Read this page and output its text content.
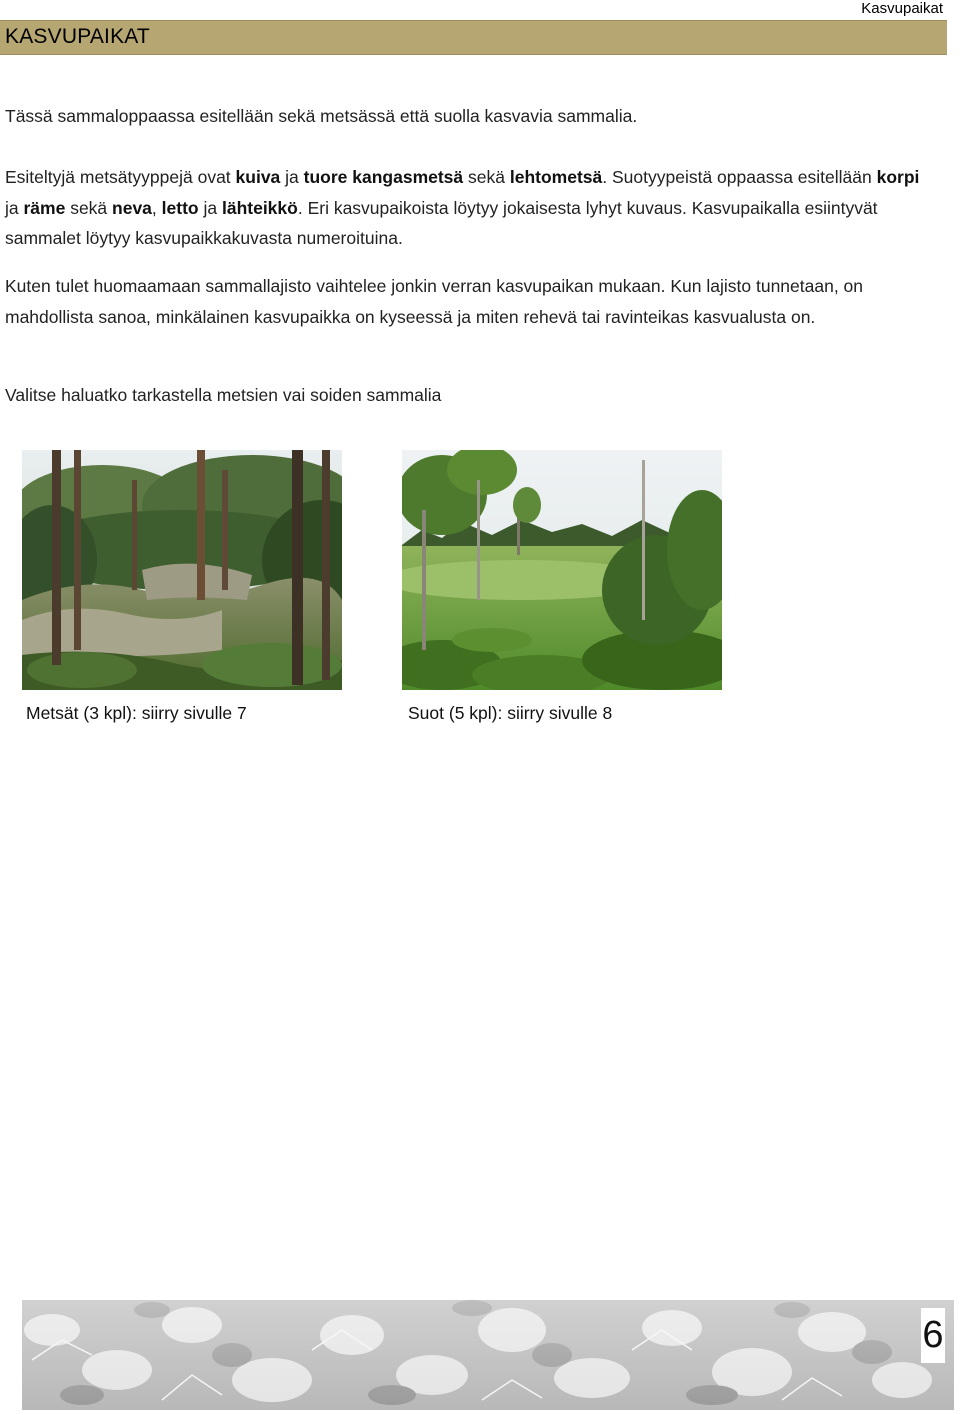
Kasvupaikat
KASVUPAIKAT

Tässä sammaloppaassa esitellään sekä metsässä että suolla kasvavia sammalia.

Esiteltyjä metsätyyppejä ovat kuiva ja tuore kangasmetsä sekä lehtometsä. Suotyypeistä oppaassa esitellään korpi ja räme sekä neva, letto ja lähteikkö. Eri kasvupaikoista löytyy jokaisesta lyhyt kuvaus. Kasvupaikalla esiintyvät sammalet löytyy kasvupaikkakuvasta numeroituina.

Kuten tulet huomaamaan sammallajisto vaihtelee jonkin verran kasvupaikan mukaan. Kun lajisto tunnetaan, on mahdollista sanoa, minkälainen kasvupaikka on kyseessä ja miten rehevä tai ravinteikas kasvualusta on.

Valitse haluatko tarkastella metsien vai soiden sammalia

Metsät (3 kpl): siirry sivulle 7	Suot (5 kpl): siirry sivulle 8
6
